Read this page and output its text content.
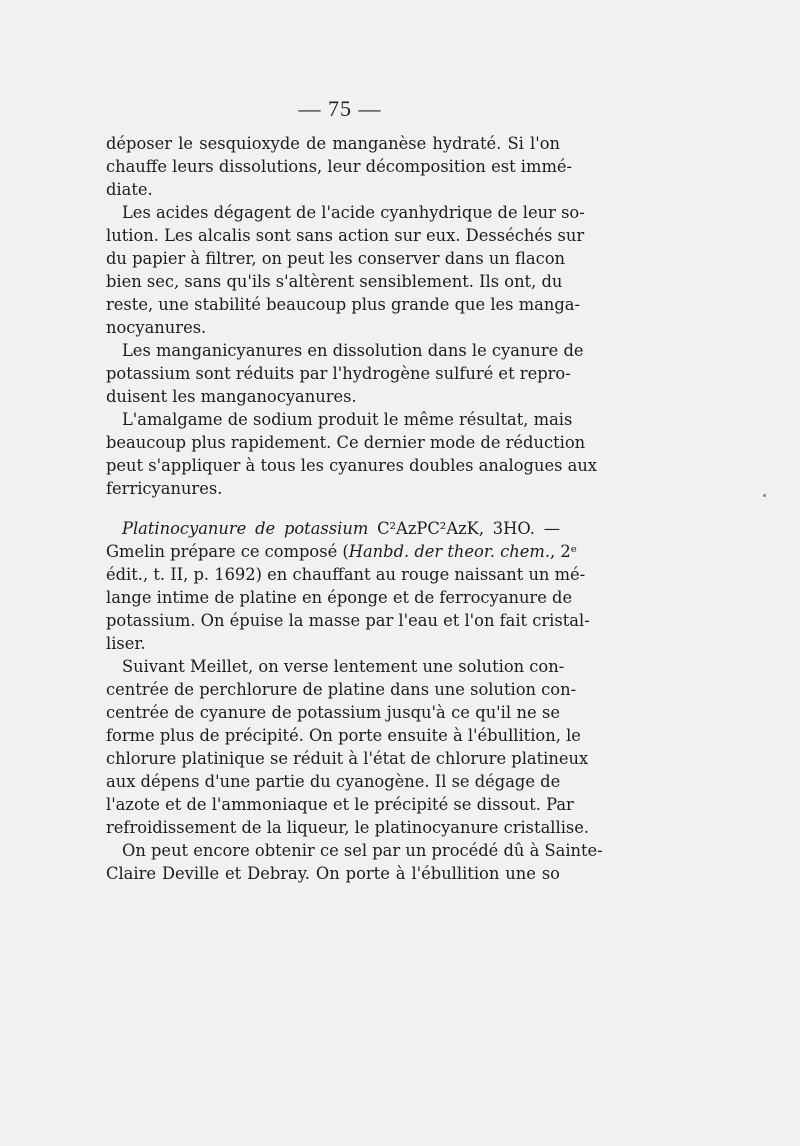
— 75 —
déposer le sesquioxyde de manganèse hydraté. Si l'on
chauffe leurs dissolutions, leur décomposition est immé-
diate.
Les acides dégagent de l'acide cyanhydrique de leur so-
lution. Les alcalis sont sans action sur eux. Desséchés sur
du papier à filtrer, on peut les conserver dans un flacon
bien sec, sans qu'ils s'altèrent sensiblement. Ils ont, du
reste, une stabilité beaucoup plus grande que les manga-
nocyanures.
Les manganicyanures en dissolution dans le cyanure de
potassium sont réduits par l'hydrogène sulfuré et repro-
duisent les manganocyanures.
L'amalgame de sodium produit le même résultat, mais
beaucoup plus rapidement. Ce dernier mode de réduction
peut s'appliquer à tous les cyanures doubles analogues aux
ferricyanures.
Platinocyanure de potassium C²AzPC²AzK, 3HO. —
Gmelin prépare ce composé (Hanbd. der theor. chem., 2ᵉ
édit., t. II, p. 1692) en chauffant au rouge naissant un mé-
lange intime de platine en éponge et de ferrocyanure de
potassium. On épuise la masse par l'eau et l'on fait cristal-
liser.
Suivant Meillet, on verse lentement une solution con-
centrée de perchlorure de platine dans une solution con-
centrée de cyanure de potassium jusqu'à ce qu'il ne se
forme plus de précipité. On porte ensuite à l'ébullition, le
chlorure platinique se réduit à l'état de chlorure platineux
aux dépens d'une partie du cyanogène. Il se dégage de
l'azote et de l'ammoniaque et le précipité se dissout. Par
refroidissement de la liqueur, le platinocyanure cristallise.
On peut encore obtenir ce sel par un procédé dû à Sainte-
Claire Deville et Debray. On porte à l'ébullition une so
